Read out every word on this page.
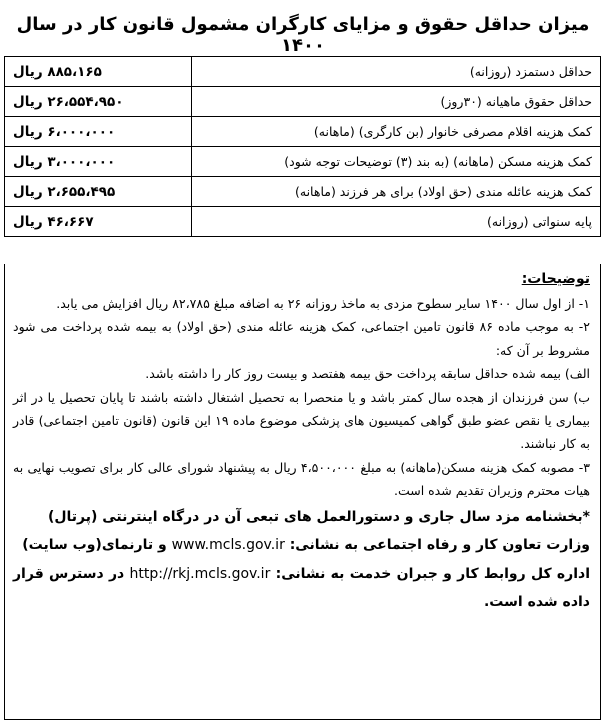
میزان حداقل حقوق و مزایای کارگران مشمول قانون کار در سال ۱۴۰۰
حداقل دستمزد (روزانه)	۸۸۵،۱۶۵ ریال
حداقل حقوق ماهیانه (۳۰روز)	۲۶،۵۵۴،۹۵۰ ریال
کمک هزینه اقلام مصرفی خانوار (بن کارگری) (ماهانه)	۶،۰۰۰،۰۰۰ ریال
کمک هزینه مسکن (ماهانه) (به بند (۳) توضیحات توجه شود)	۳،۰۰۰،۰۰۰ ریال
کمک هزینه عائله مندی (حق اولاد) برای هر فرزند (ماهانه)	۲،۶۵۵،۴۹۵ ریال
پایه سنواتی (روزانه)	۴۶،۶۶۷ ریال

توضیحات:

۱- از اول سال ۱۴۰۰ سایر سطوح مزدی به ماخذ روزانه ۲۶ به اضافه مبلغ ۸۲،۷۸۵ ریال افزایش می یابد.

۲- به موجب ماده ۸۶ قانون تامین اجتماعی، کمک هزینه عائله مندی (حق اولاد) به بیمه شده پرداخت می شود مشروط بر آن که:

الف) بیمه شده حداقل سابقه پرداخت حق بیمه هفتصد و بیست روز کار را داشته باشد.

ب) سن فرزندان از هجده سال کمتر باشد و یا منحصرا به تحصیل اشتغال داشته باشند تا پایان تحصیل یا در اثر بیماری یا نقص عضو طبق گواهی کمیسیون های پزشکی موضوع ماده ۱۹ این قانون (قانون تامین اجتماعی) قادر به کار نباشند.

۳- مصوبه کمک هزینه مسکن(ماهانه) به مبلغ ۴،۵۰۰،۰۰۰ ریال به پیشنهاد شورای عالی کار برای تصویب نهایی به هیات محترم وزیران تقدیم شده است.

*بخشنامه مزد سال جاری و دستورالعمل های تبعی آن در درگاه اینترنتی (پرتال)

وزارت تعاون کار و رفاه اجتماعی به نشانی: www.mcls.gov.ir و تارنمای(وب سایت)

اداره کل روابط کار و جبران خدمت به نشانی: http://rkj.mcls.gov.ir در دسترس قرار داده شده است.
